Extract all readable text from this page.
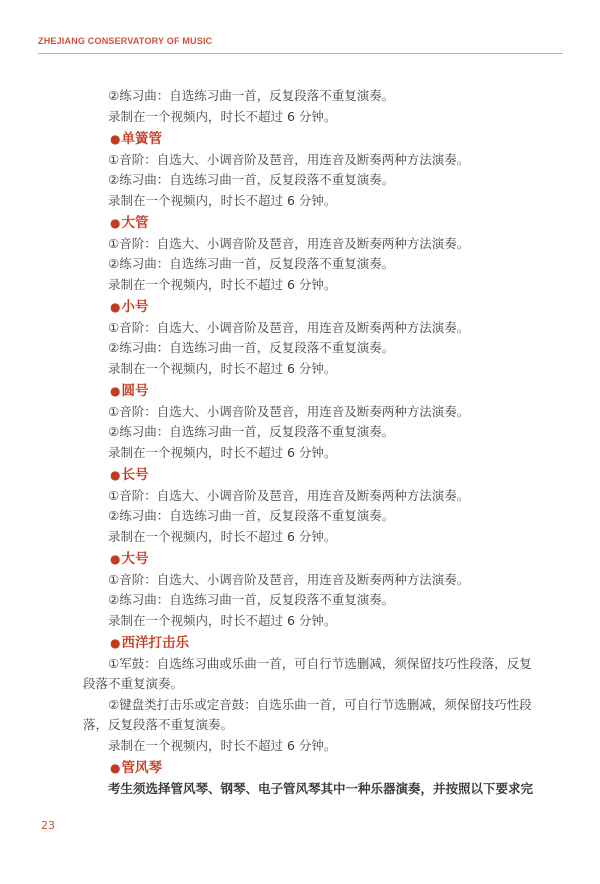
ZHEJIANG CONSERVATORY OF MUSIC

②练习曲：自选练习曲一首，反复段落不重复演奏。

录制在一个视频内，时长不超过 6 分钟。

●单簧管

①音阶：自选大、小调音阶及琶音，用连音及断奏两种方法演奏。

②练习曲：自选练习曲一首，反复段落不重复演奏。

录制在一个视频内，时长不超过 6 分钟。

●大管

①音阶：自选大、小调音阶及琶音，用连音及断奏两种方法演奏。

②练习曲：自选练习曲一首，反复段落不重复演奏。

录制在一个视频内，时长不超过 6 分钟。

●小号

①音阶：自选大、小调音阶及琶音，用连音及断奏两种方法演奏。

②练习曲：自选练习曲一首，反复段落不重复演奏。

录制在一个视频内，时长不超过 6 分钟。

●圆号

①音阶：自选大、小调音阶及琶音，用连音及断奏两种方法演奏。

②练习曲：自选练习曲一首，反复段落不重复演奏。

录制在一个视频内，时长不超过 6 分钟。

●长号

①音阶：自选大、小调音阶及琶音，用连音及断奏两种方法演奏。

②练习曲：自选练习曲一首，反复段落不重复演奏。

录制在一个视频内，时长不超过 6 分钟。

●大号

①音阶：自选大、小调音阶及琶音，用连音及断奏两种方法演奏。

②练习曲：自选练习曲一首，反复段落不重复演奏。

录制在一个视频内，时长不超过 6 分钟。

●西洋打击乐

①军鼓：自选练习曲或乐曲一首，可自行节选删减，须保留技巧性段落，反复段落不重复演奏。

②键盘类打击乐或定音鼓：自选乐曲一首，可自行节选删减，须保留技巧性段落，反复段落不重复演奏。

录制在一个视频内，时长不超过 6 分钟。

●管风琴

考生须选择管风琴、钢琴、电子管风琴其中一种乐器演奏，并按照以下要求完

23
